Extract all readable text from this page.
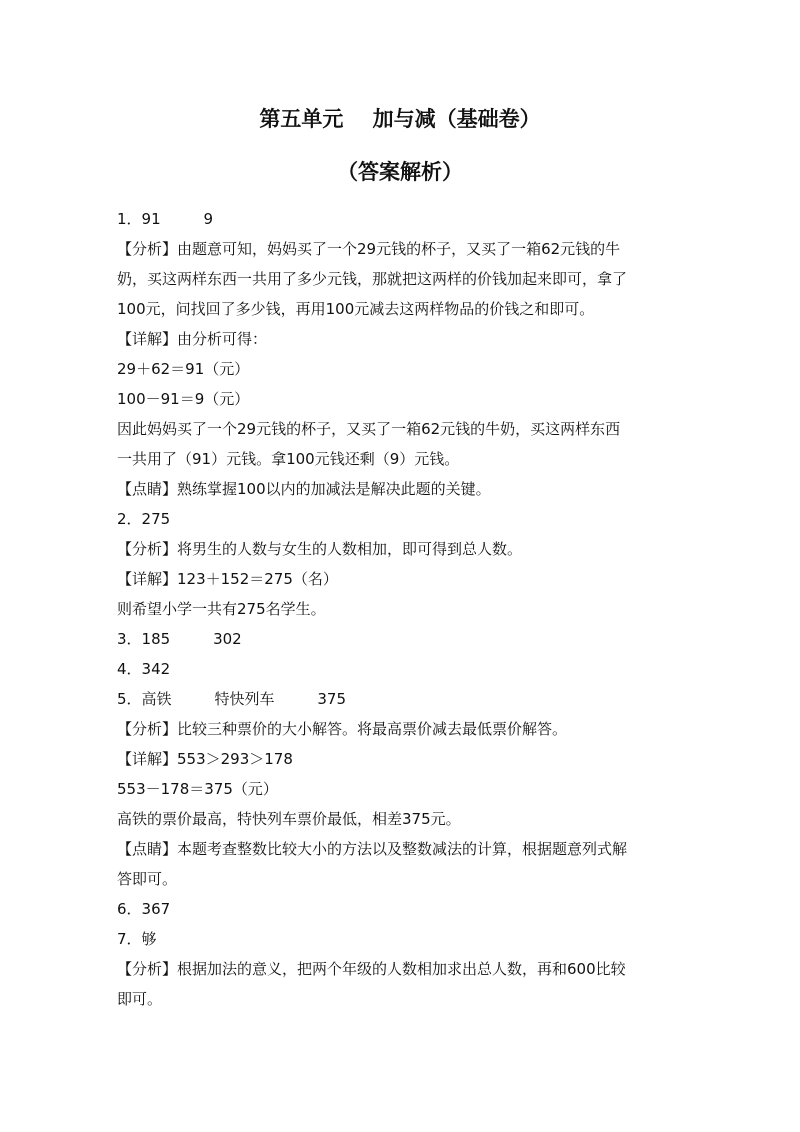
第五单元    加与减（基础卷）
（答案解析）
1．91         9
【分析】由题意可知，妈妈买了一个29元钱的杯子，又买了一箱62元钱的牛
奶，买这两样东西一共用了多少元钱，那就把这两样的价钱加起来即可，拿了
100元，问找回了多少钱，再用100元减去这两样物品的价钱之和即可。
【详解】由分析可得：
29＋62＝91（元）
100－91＝9（元）
因此妈妈买了一个29元钱的杯子，又买了一箱62元钱的牛奶，买这两样东西
一共用了（91）元钱。拿100元钱还剩（9）元钱。
【点睛】熟练掌握100以内的加减法是解决此题的关键。
2．275
【分析】将男生的人数与女生的人数相加，即可得到总人数。
【详解】123＋152＝275（名）
则希望小学一共有275名学生。
3．185         302
4．342
5．高铁         特快列车         375
【分析】比较三种票价的大小解答。将最高票价减去最低票价解答。
【详解】553＞293＞178
553－178＝375（元）
高铁的票价最高，特快列车票价最低，相差375元。
【点睛】本题考查整数比较大小的方法以及整数减法的计算，根据题意列式解
答即可。
6．367
7．够
【分析】根据加法的意义，把两个年级的人数相加求出总人数，再和600比较
即可。
